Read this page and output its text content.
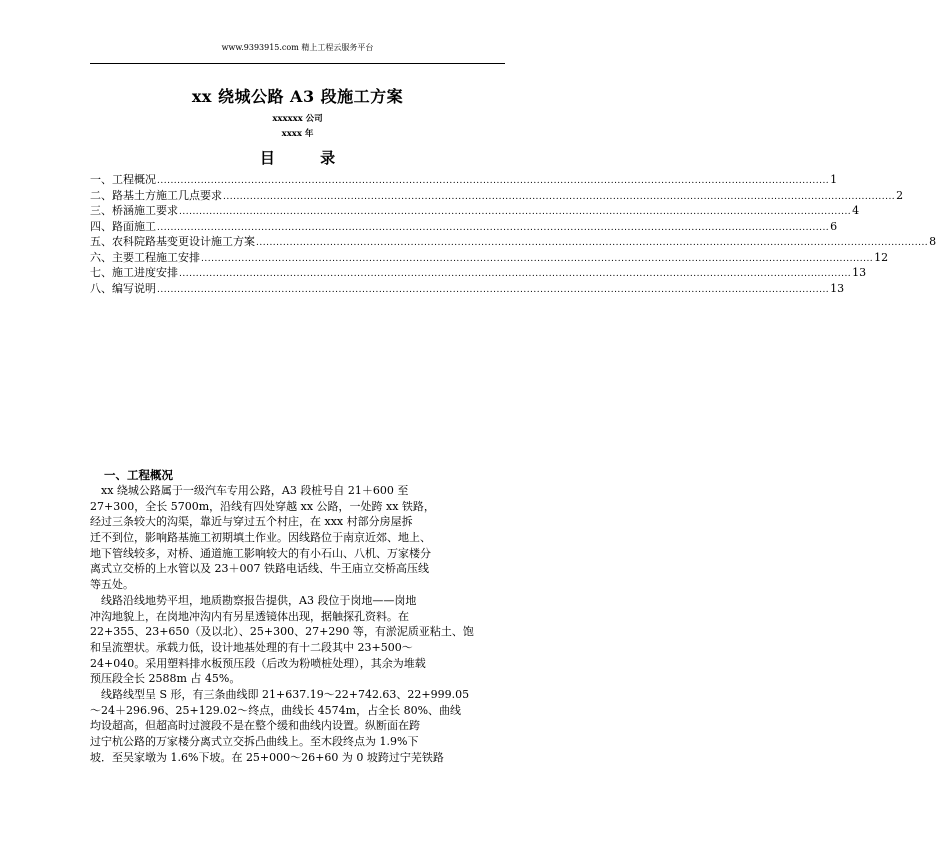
www.9393915.com 精上工程云服务平台
xx 绕城公路 A3 段施工方案
xxxxxx 公司
xxxx 年
目 录
一、工程概况 ........................................................................................................................................................................................................ 1
二、路基土方施工几点要求 ........................................................................................................................................................................................................ 2
三、桥涵施工要求 ........................................................................................................................................................................................................ 4
四、路面施工 ........................................................................................................................................................................................................ 6
五、农科院路基变更设计施工方案 ........................................................................................................................................................................................................ 8
六、主要工程施工安排 ........................................................................................................................................................................................................ 12
七、施工进度安排 ........................................................................................................................................................................................................ 13
八、编写说明 ........................................................................................................................................................................................................ 13
一、工程概况
　xx 绕城公路属于一级汽车专用公路，A3 段桩号自 21＋600 至
27+300，全长 5700m，沿线有四处穿越 xx 公路，一处跨 xx 铁路，
经过三条较大的沟渠，靠近与穿过五个村庄，在 xxx 村部分房屋拆
迁不到位，影响路基施工初期填土作业。因线路位于南京近郊、地上、
地下管线较多，对桥、通道施工影响较大的有小石山、八机、万家楼分
离式立交桥的上水管以及 23＋007 铁路电话线、牛王庙立交桥高压线
等五处。
　线路沿线地势平坦，地质勘察报告提供，A3 段位于岗地——岗地
冲沟地貌上，在岗地冲沟内有另星透镜体出现，据触探孔资料。在
22+355、23+650（及以北）、25+300、27+290 等，有淤泥质亚粘土、饱
和呈流塑状。承载力低，设计地基处理的有十二段其中 23+500～
24+040。采用塑料排水板预压段（后改为粉喷桩处理），其余为堆载
预压段全长 2588m 占 45%。
　线路线型呈 S 形，有三条曲线即 21+637.19～22+742.63、22+999.05
～24＋296.96、25+129.02～终点，曲线长 4574m，占全长 80%、曲线
均设超高，但超高时过渡段不是在整个缓和曲线内设置。纵断面在跨
过宁杭公路的万家楼分离式立交拆凸曲线上。至木段终点为 1.9%下
坡．至吴家墩为 1.6%下坡。在 25+000～26+60 为 0 坡跨过宁芜铁路
